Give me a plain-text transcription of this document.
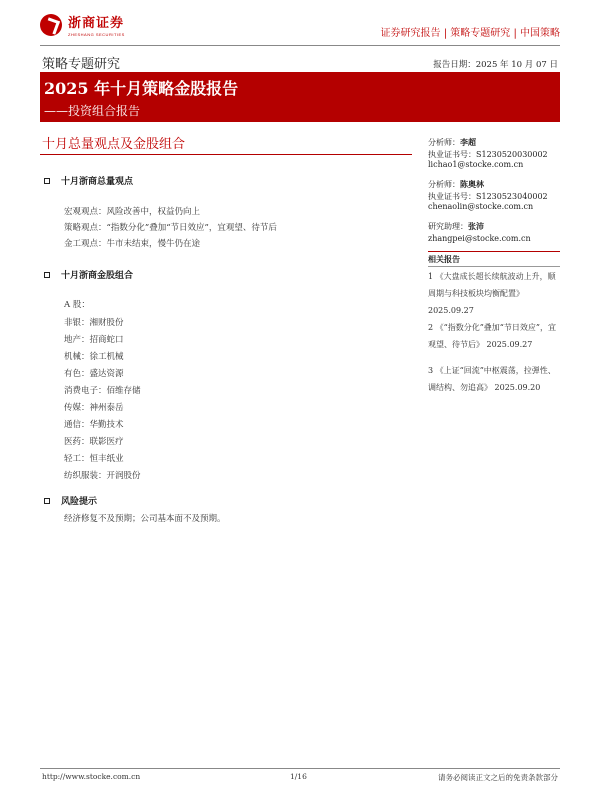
浙商证券
ZHESHANG SECURITIES	证券研究报告 | 策略专题研究 | 中国策略
策略专题研究	报告日期：2025 年 10 月 07 日
2025 年十月策略金股报告
——投资组合报告
十月总量观点及金股组合
十月浙商总量观点
宏观观点：风险改善中，权益仍向上
策略观点：“指数分化”叠加“节日效应”，宜观望、待节后
金工观点：牛市未结束，慢牛仍在途
十月浙商金股组合
A 股：
非银：湘财股份
地产：招商蛇口
机械：徐工机械
有色：盛达资源
消费电子：佰维存储
传媒：神州泰岳
通信：华勤技术
医药：联影医疗
轻工：恒丰纸业
纺织服装：开润股份
风险提示
经济修复不及预期；公司基本面不及预期。
分析师：李超
执业证书号：S1230520030002
lichao1@stocke.com.cn
分析师：陈奥林
执业证书号：S1230523040002
chenaolin@stocke.com.cn
研究助理：张沛
zhangpei@stocke.com.cn
相关报告
1 《大盘成长超长续航波动上升，顺周期与科技板块均衡配置》 2025.09.27
2 《“指数分化”叠加“节日效应”，宜观望、待节后》 2025.09.27
3 《上证“回流”中枢震荡，拉弹性、调结构、勿追高》 2025.09.20
http://www.stocke.com.cn	1/16	请务必阅读正文之后的免责条款部分
